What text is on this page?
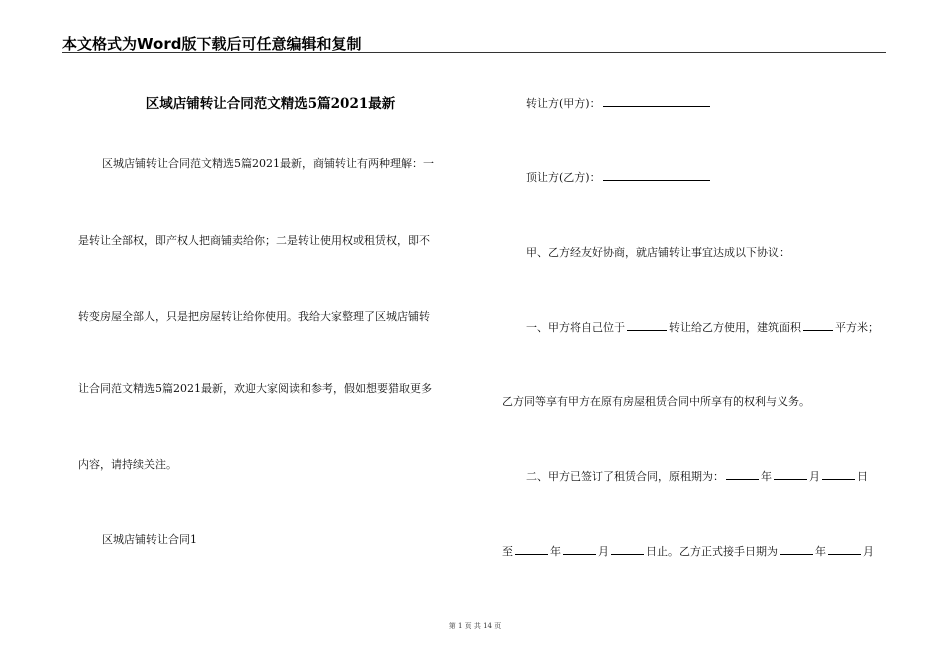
本文格式为Word版下载后可任意编辑和复制
区域店铺转让合同范文精选5篇2021最新
区城店铺转让合同范文精选5篇2021最新，商铺转让有两种理解：一
是转让全部权，即产权人把商铺卖给你；二是转让使用权或租赁权，即不
转变房屋全部人，只是把房屋转让给你使用。我给大家整理了区城店铺转
让合同范文精选5篇2021最新，欢迎大家阅读和参考，假如想要猎取更多
内容，请持续关注。
区城店铺转让合同1
转让方(甲方)：
顶让方(乙方)：
甲、乙方经友好协商，就店铺转让事宜达成以下协议：
一、甲方将自己位于	转让给乙方使用，建筑面积	平方米；
乙方同等享有甲方在原有房屋租赁合同中所享有的权利与义务。
二、甲方已签订了租赁合同，原租期为：	年	月	日
至	年	月	日止。乙方正式接手日期为	年	月
第 1 页 共 14 页
